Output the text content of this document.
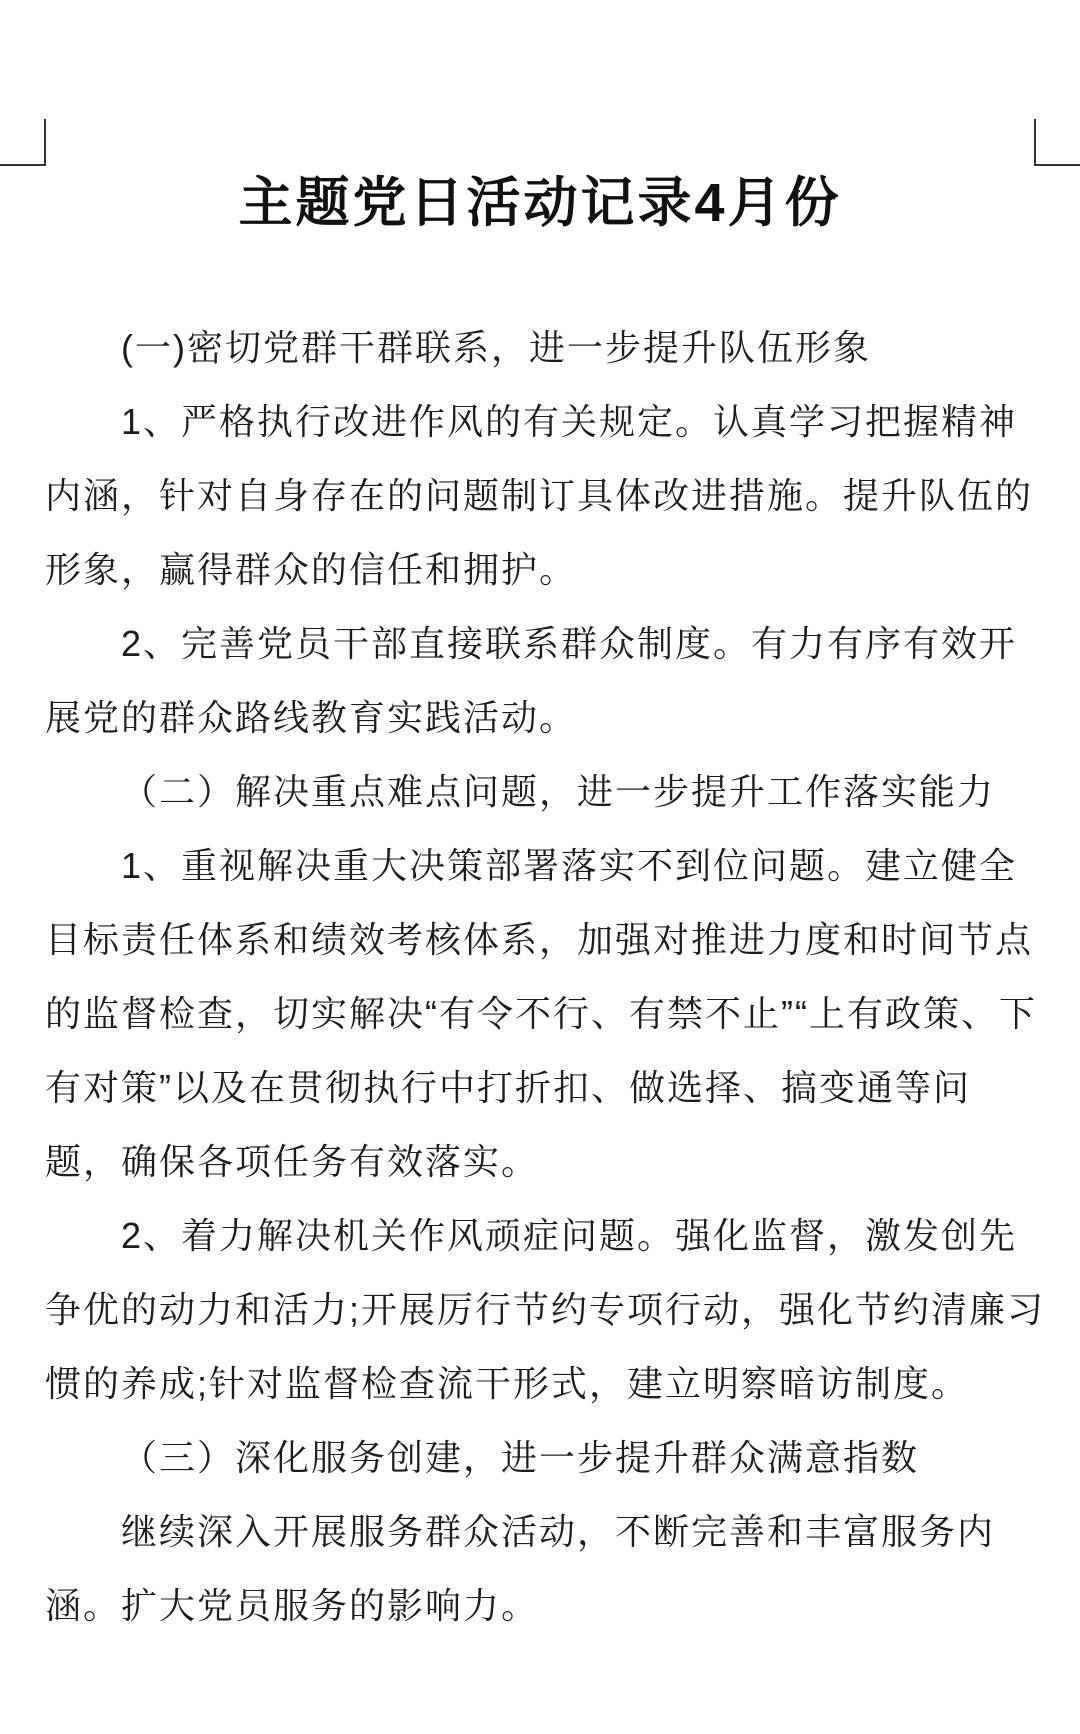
主题党日活动记录4月份
(一)密切党群干群联系，进一步提升队伍形象
1、严格执行改进作风的有关规定。认真学习把握精神
内涵，针对自身存在的问题制订具体改进措施。提升队伍的
形象，赢得群众的信任和拥护。
2、完善党员干部直接联系群众制度。有力有序有效开
展党的群众路线教育实践活动。
（二）解决重点难点问题，进一步提升工作落实能力
1、重视解决重大决策部署落实不到位问题。建立健全
目标责任体系和绩效考核体系，加强对推进力度和时间节点
的监督检查，切实解决“有令不行、有禁不止”“上有政策、下
有对策”以及在贯彻执行中打折扣、做选择、搞变通等问
题，确保各项任务有效落实。
2、着力解决机关作风顽症问题。强化监督，激发创先
争优的动力和活力;开展厉行节约专项行动，强化节约清廉习
惯的养成;针对监督检查流干形式，建立明察暗访制度。
（三）深化服务创建，进一步提升群众满意指数
继续深入开展服务群众活动，不断完善和丰富服务内
涵。扩大党员服务的影响力。
